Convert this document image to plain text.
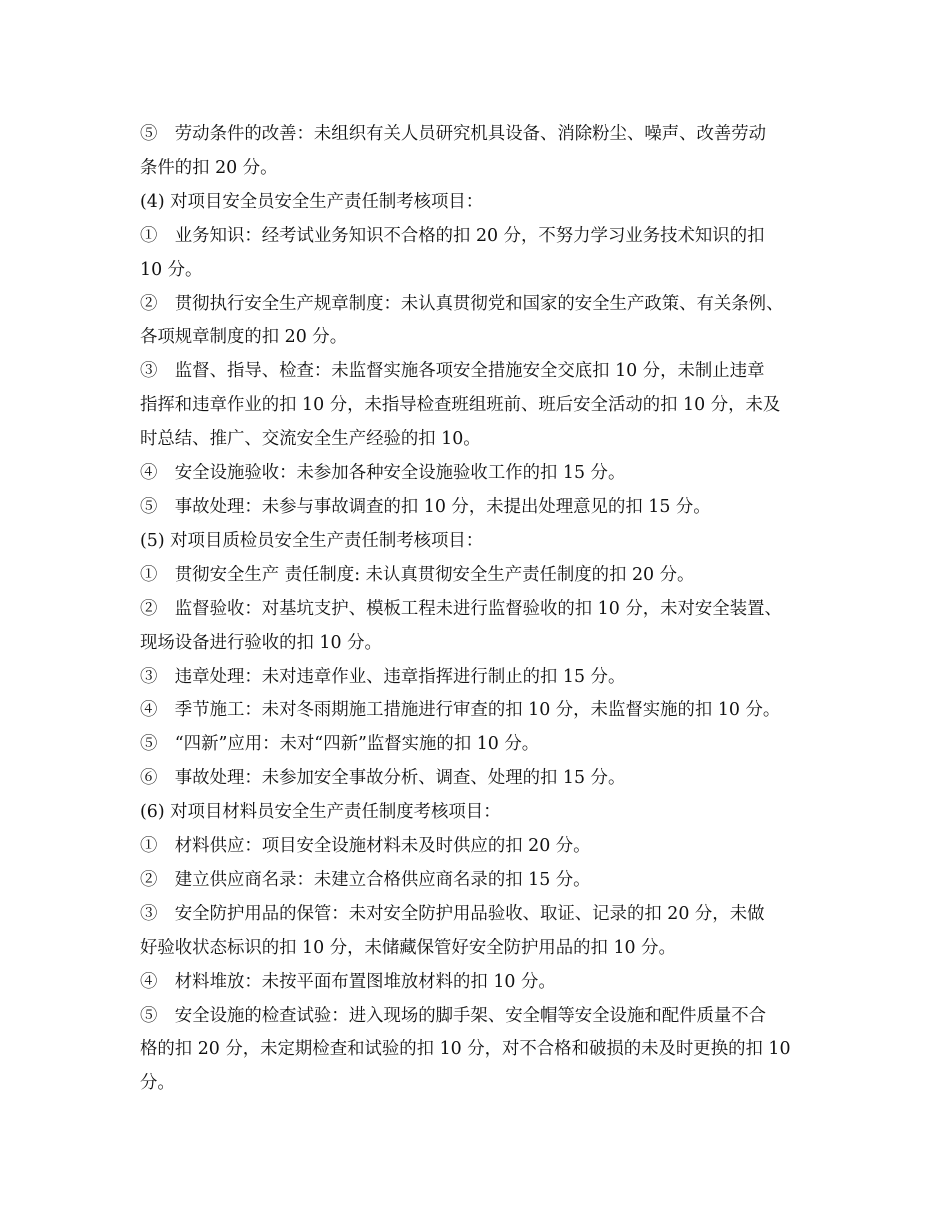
⑤　劳动条件的改善：未组织有关人员研究机具设备、消除粉尘、噪声、改善劳动
条件的扣 20 分。
(4) 对项目安全员安全生产责任制考核项目：
①　业务知识：经考试业务知识不合格的扣 20 分，不努力学习业务技术知识的扣
10 分。
②　贯彻执行安全生产规章制度：未认真贯彻党和国家的安全生产政策、有关条例、
各项规章制度的扣 20 分。
③　监督、指导、检查：未监督实施各项安全措施安全交底扣 10 分，未制止违章
指挥和违章作业的扣 10 分，未指导检查班组班前、班后安全活动的扣 10 分，未及
时总结、推广、交流安全生产经验的扣 10。
④　安全设施验收：未参加各种安全设施验收工作的扣 15 分。
⑤　事故处理：未参与事故调查的扣 10 分，未提出处理意见的扣 15 分。
(5) 对项目质检员安全生产责任制考核项目：
①　贯彻安全生产 责任制度: 未认真贯彻安全生产责任制度的扣 20 分。
②　监督验收：对基坑支护、模板工程未进行监督验收的扣 10 分，未对安全装置、
现场设备进行验收的扣 10 分。
③　违章处理：未对违章作业、违章指挥进行制止的扣 15 分。
④　季节施工：未对冬雨期施工措施进行审查的扣 10 分，未监督实施的扣 10 分。
⑤　“四新”应用：未对“四新”监督实施的扣 10 分。
⑥　事故处理：未参加安全事故分析、调查、处理的扣 15 分。
(6) 对项目材料员安全生产责任制度考核项目：
①　材料供应：项目安全设施材料未及时供应的扣 20 分。
②　建立供应商名录：未建立合格供应商名录的扣 15 分。
③　安全防护用品的保管：未对安全防护用品验收、取证、记录的扣 20 分，未做
好验收状态标识的扣 10 分，未储藏保管好安全防护用品的扣 10 分。
④　材料堆放：未按平面布置图堆放材料的扣 10 分。
⑤　安全设施的检查试验：进入现场的脚手架、安全帽等安全设施和配件质量不合
格的扣 20 分，未定期检查和试验的扣 10 分，对不合格和破损的未及时更换的扣 10
分。
